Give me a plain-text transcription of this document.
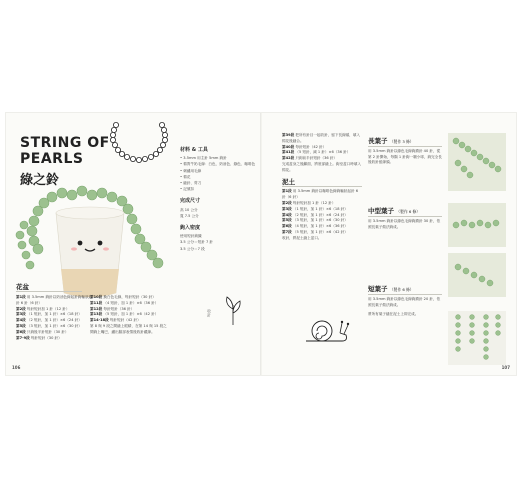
STRING OF
PEARLS
綠之鈴
材料 & 工具
• 3.5mm 用主針 5mm 鉤針
• 棉質牛奶毛線：白色、奶油色、綠色、咖啡色
• 刺繡用毛線
• 棉花
• 縫針、剪刀
• 記號扣
完成尺寸
高 10 公分
寬 7.5 公分
鉤入密度
使用短針鉤織
3.5 公分＝短針 7 針
3.5 公分＝7 段
收針
花盆
第1段 用 3.5mm 鉤針以奶油色線起針鉤輪狀起針 6 針（6 針）
第2段 每針短針加 1 針（12 針）
第3段 （1 短針，加 1 針）×6（18 針）
第4段 （2 短針，加 1 針）×6（24 針）
第5段 （3 短針，加 1 針）×6（30 針）
第6段 只鉤後半針短針（30 針）
第7-9段 每針短針（30 針）
第10段 換白色毛線，每針短針（30 針）
第11段 （4 短針，加 1 針）×6（36 針）
第12段 每針短針（36 針）
第13段 （5 短針，加 1 針）×6（42 針）
第14-18段 每針短針（42 針）
第 8 與 9 段之間縫上眼睛，在第 14 與 15 段之間鉤上嘴巴，繡出臉部表情後收針藏線。
106
第39段 把所有針目一起收針，留下長線頭，填入棉花後縫合。
第40段 每針短針（42 針）
第41段 （5 短針，減 1 針）×6（36 針）
第42段 只鉤前半針短針（36 針）
完成盆身之後翻面，將底部縫上。鉤至盆口時填入棉花。
泥土
第1段 用 3.5mm 鉤針以咖啡色線鉤輪狀起針 6 針（6 針）
第2段 每針短針加 1 針（12 針）
第3段 （1 短針，加 1 針）×6（18 針）
第4段 （2 短針，加 1 針）×6（24 針）
第5段 （3 短針，加 1 針）×6（30 針）
第6段 （4 短針，加 1 針）×6（36 針）
第7段 （5 短針，加 1 針）×6（42 針）
收針，將泥土縫上盆口。
長葉子 （製作 3 條）
用 3.5mm 鉤針以綠色毛線鉤鎖針 40 針，從第 2 針開始，每隔 1 針鉤一顆小球，鉤完全長後收針留線頭。
中型葉子 （製作 6 條）
用 3.5mm 鉤針以綠色毛線鉤鎖針 30 針，依照長葉子做法鉤成。
短葉子 （製作 6 條）
用 3.5mm 鉤針以綠色毛線鉤鎖針 20 針，依照長葉子做法鉤成。
將所有葉子縫在泥土上即完成。
107
